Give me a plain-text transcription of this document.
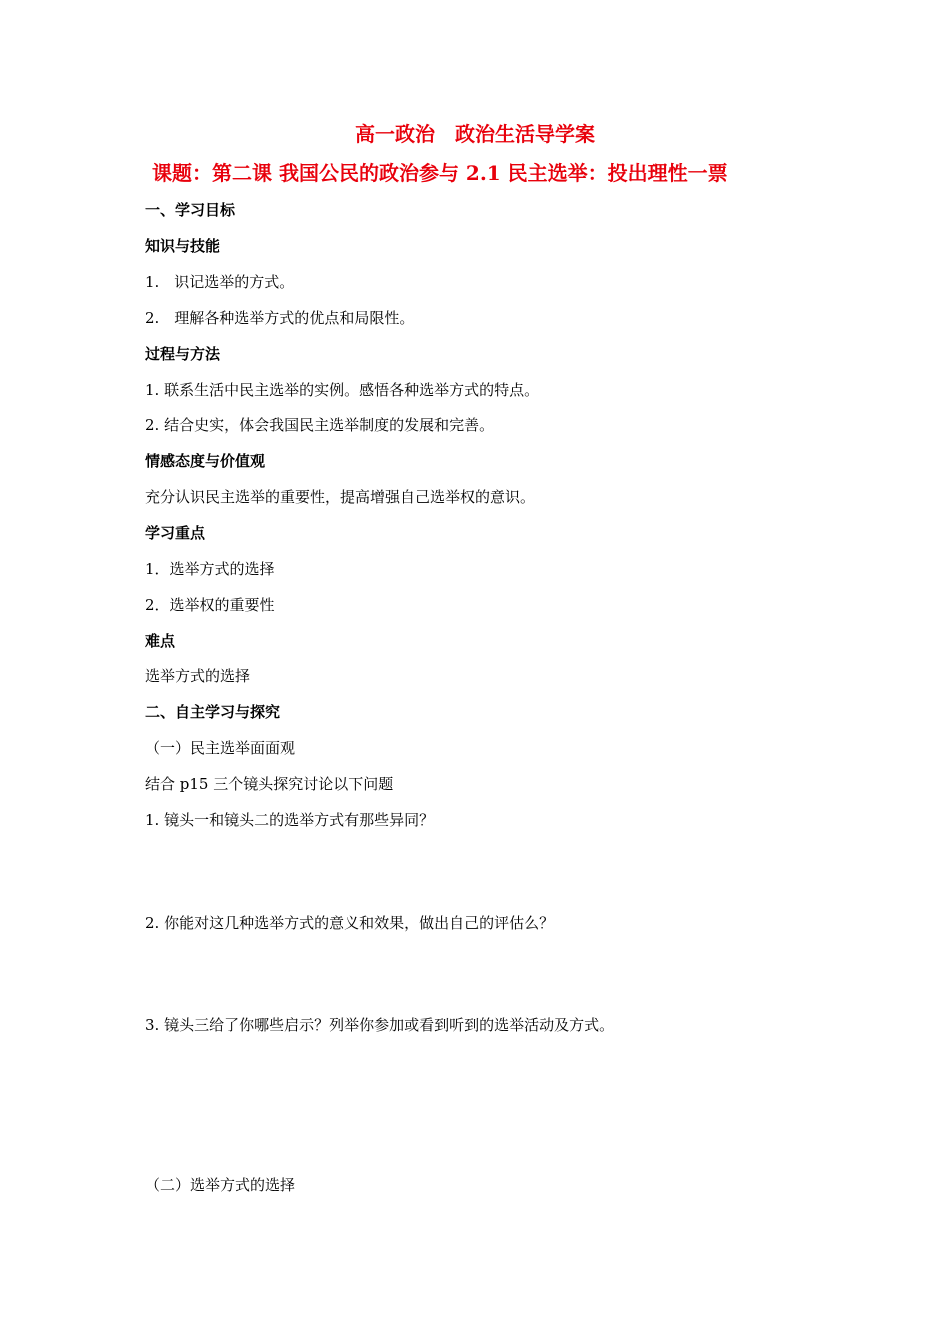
高一政治　政治生活导学案
课题：第二课 我国公民的政治参与 2.1 民主选举：投出理性一票
一、学习目标
知识与技能
1.　识记选举的方式。
2.　理解各种选举方式的优点和局限性。
过程与方法
1. 联系生活中民主选举的实例。感悟各种选举方式的特点。
2. 结合史实，体会我国民主选举制度的发展和完善。
情感态度与价值观
充分认识民主选举的重要性，提高增强自己选举权的意识。
学习重点
1．选举方式的选择
2．选举权的重要性
难点
选举方式的选择
二、自主学习与探究
（一）民主选举面面观
结合 p15 三个镜头探究讨论以下问题
1. 镜头一和镜头二的选举方式有那些异同？
2. 你能对这几种选举方式的意义和效果，做出自己的评估么？
3. 镜头三给了你哪些启示？列举你参加或看到听到的选举活动及方式。
（二）选举方式的选择
